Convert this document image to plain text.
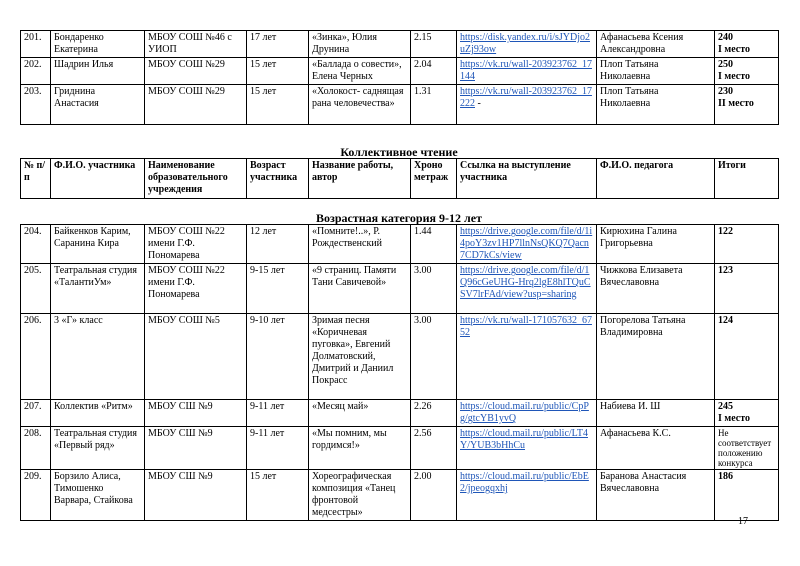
201.	Бондаренко Екатерина	МБОУ СОШ №46 с УИОП	17 лет	«Зинка», Юлия Друнина	2.15	https://disk.yandex.ru/i/sJYDjo2uZj93ow	Афанасьева Ксения Александровна	240
I место

202.	Шадрин Илья	МБОУ СОШ №29	15 лет	«Баллада о совести», Елена Черных	2.04	https://vk.ru/wall-203923762_17144	Плоп Татьяна Николаевна	250
I место

203.	Гриднина Анастасия	МБОУ СОШ №29	15 лет	«Холокост- саднящая рана человечества»	1.31	https://vk.ru/wall-203923762_17222 -	Плоп Татьяна Николаевна	230
II место
Коллективное чтение
№ п/п	Ф.И.О. участника	Наименование образовательного учреждения	Возраст участника	Название работы, автор	Хроно метраж	Ссылка на выступление участника	Ф.И.О. педагога	Итоги
Возрастная категория 9-12 лет
204.	Байкенков Карим, Саранина Кира	МБОУ СОШ №22 имени Г.Ф. Пономарева	12 лет	«Помните!..», Р. Рождественский	1.44	https://drive.google.com/file/d/1i4poY3zv1HP7llnNsQKQ7Qacn7CD7kCs/view	Кирюхина Галина Григорьевна	122

205.	Театральная студия «ТалантиУм»	МБОУ СОШ №22 имени Г.Ф. Пономарева	9-15 лет	«9 страниц. Памяти Тани Савичевой»	3.00	https://drive.google.com/file/d/1Q96cGeUHG-Hrq2lgE8hlTQuCSV7lrFAd/view?usp=sharing	Чижкова Елизавета Вячеславовна	123

206.	3 «Г» класс	МБОУ СОШ №5	9-10 лет	Зримая песня «Коричневая пуговка», Евгений Долматовский, Дмитрий и Даниил Покрасс	3.00	https://vk.ru/wall-171057632_6752	Погорелова Татьяна Владимировна	124

207.	Коллектив «Ритм»	МБОУ СШ №9	9-11 лет	«Месяц май»	2.26	https://cloud.mail.ru/public/CpPg/gtcYB1yvQ	Набиева И. Ш	245
I место

208.	Театральная студия «Первый ряд»	МБОУ СШ №9	9-11 лет	«Мы помним, мы гордимся!»	2.56	https://cloud.mail.ru/public/LT4Y/YUB3bHhCu	Афанасьева К.С.	Не соответствует положению конкурса

209.	Борзило Алиса, Тимошенко Варвара, Стайкова	МБОУ СШ №9	15 лет	Хореографическая композиция «Танец фронтовой медсестры»	2.00	https://cloud.mail.ru/public/EbE2/jpeogqxhj	Баранова Анастасия Вячеславовна	186
17
